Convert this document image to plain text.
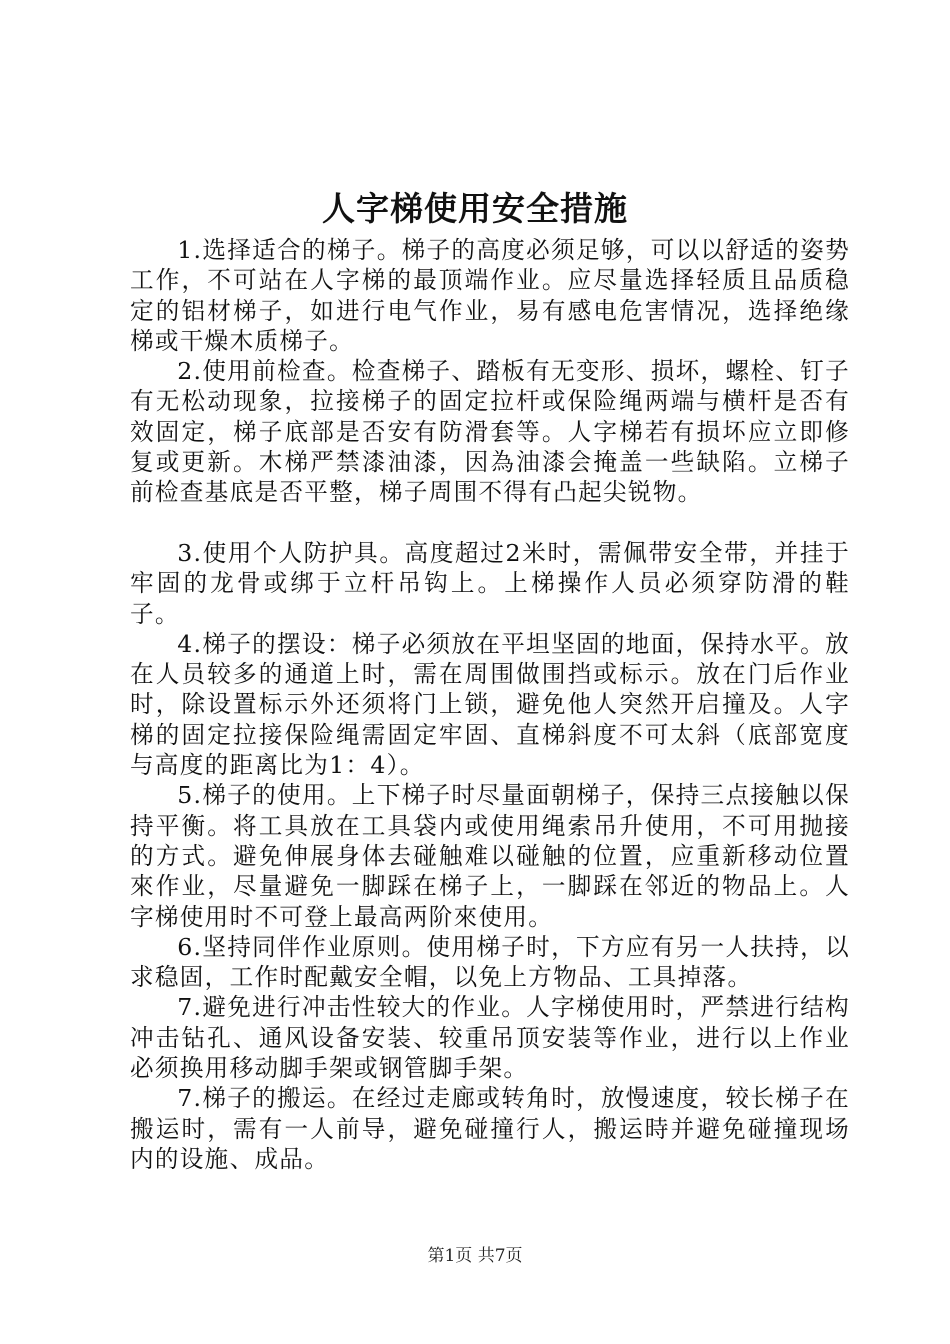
人字梯使用安全措施

1.选择适合的梯子。梯子的高度必须足够，可以以舒适的姿势工作，不可站在人字梯的最顶端作业。应尽量选择轻质且品质稳定的铝材梯子，如进行电气作业，易有感电危害情况，选择绝缘梯或干燥木质梯子。

2.使用前检查。检查梯子、踏板有无变形、损坏，螺栓、钉子有无松动现象，拉接梯子的固定拉杆或保险绳两端与横杆是否有效固定，梯子底部是否安有防滑套等。人字梯若有损坏应立即修复或更新。木梯严禁漆油漆，因為油漆会掩盖一些缺陷。立梯子前检查基底是否平整，梯子周围不得有凸起尖锐物。

3.使用个人防护具。高度超过2米时，需佩带安全带，并挂于牢固的龙骨或绑于立杆吊钩上。上梯操作人员必须穿防滑的鞋子。

4.梯子的摆设：梯子必须放在平坦坚固的地面，保持水平。放在人员较多的通道上时，需在周围做围挡或标示。放在门后作业时，除设置标示外还须将门上锁，避免他人突然开启撞及。人字梯的固定拉接保险绳需固定牢固、直梯斜度不可太斜（底部宽度与高度的距离比为1：4）。

5.梯子的使用。上下梯子时尽量面朝梯子，保持三点接触以保持平衡。将工具放在工具袋内或使用绳索吊升使用，不可用抛接的方式。避免伸展身体去碰触难以碰触的位置，应重新移动位置來作业，尽量避免一脚踩在梯子上，一脚踩在邻近的物品上。人字梯使用时不可登上最高两阶來使用。

6.坚持同伴作业原则。使用梯子时，下方应有另一人扶持，以求稳固，工作时配戴安全帽，以免上方物品、工具掉落。

7.避免进行冲击性较大的作业。人字梯使用时，严禁进行结构冲击钻孔、通风设备安装、较重吊顶安装等作业，进行以上作业必须换用移动脚手架或钢管脚手架。

7.梯子的搬运。在经过走廊或转角时，放慢速度，较长梯子在搬运时，需有一人前导，避免碰撞行人，搬运時并避免碰撞现场内的设施、成品。

第1页 共7页
